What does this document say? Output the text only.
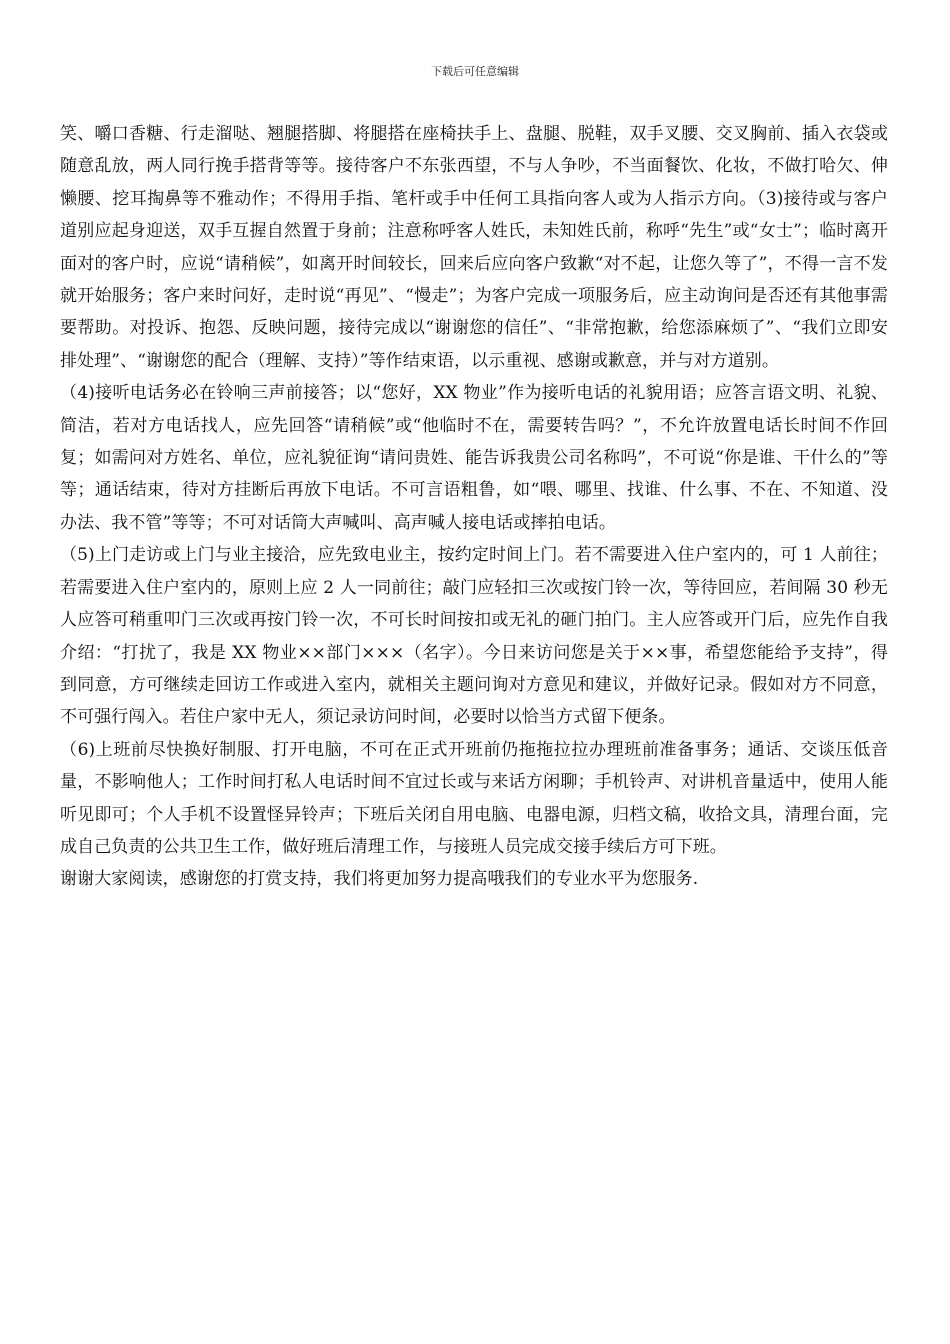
下载后可任意编辑

笑、嚼口香糖、行走溜哒、翘腿搭脚、将腿搭在座椅扶手上、盘腿、脱鞋，双手叉腰、交叉胸前、插入衣袋或随意乱放，两人同行挽手搭背等等。接待客户不东张西望，不与人争吵，不当面餐饮、化妆，不做打哈欠、伸懒腰、挖耳掏鼻等不雅动作；不得用手指、笔杆或手中任何工具指向客人或为人指示方向。（3)接待或与客户道别应起身迎送，双手互握自然置于身前；注意称呼客人姓氏，未知姓氏前，称呼“先生”或“女士”；临时离开面对的客户时，应说“请稍候”，如离开时间较长，回来后应向客户致歉“对不起，让您久等了”，不得一言不发就开始服务；客户来时问好，走时说“再见”、“慢走”；为客户完成一项服务后，应主动询问是否还有其他事需要帮助。对投诉、抱怨、反映问题，接待完成以“谢谢您的信任”、“非常抱歉，给您添麻烦了”、“我们立即安排处理”、“谢谢您的配合（理解、支持）”等作结束语，以示重视、感谢或歉意，并与对方道别。

（4)接听电话务必在铃响三声前接答；以“您好，XX 物业”作为接听电话的礼貌用语；应答言语文明、礼貌、简洁，若对方电话找人，应先回答“请稍候”或“他临时不在，需要转告吗？”，不允许放置电话长时间不作回复；如需问对方姓名、单位，应礼貌征询“请问贵姓、能告诉我贵公司名称吗”，不可说“你是谁、干什么的”等等；通话结束，待对方挂断后再放下电话。不可言语粗鲁，如“喂、哪里、找谁、什么事、不在、不知道、没办法、我不管”等等；不可对话筒大声喊叫、高声喊人接电话或摔拍电话。

（5)上门走访或上门与业主接洽，应先致电业主，按约定时间上门。若不需要进入住户室内的，可 1 人前往；若需要进入住户室内的，原则上应 2 人一同前往；敲门应轻扣三次或按门铃一次，等待回应，若间隔 30 秒无人应答可稍重叩门三次或再按门铃一次，不可长时间按扣或无礼的砸门拍门。主人应答或开门后，应先作自我介绍：“打扰了，我是 XX 物业××部门×××（名字）。今日来访问您是关于××事，希望您能给予支持”，得到同意，方可继续走回访工作或进入室内，就相关主题问询对方意见和建议，并做好记录。假如对方不同意，不可强行闯入。若住户家中无人，须记录访问时间，必要时以恰当方式留下便条。

（6)上班前尽快换好制服、打开电脑，不可在正式开班前仍拖拖拉拉办理班前准备事务；通话、交谈压低音量，不影响他人；工作时间打私人电话时间不宜过长或与来话方闲聊；手机铃声、对讲机音量适中，使用人能听见即可；个人手机不设置怪异铃声；下班后关闭自用电脑、电器电源，归档文稿，收拾文具，清理台面，完成自己负责的公共卫生工作，做好班后清理工作，与接班人员完成交接手续后方可下班。

谢谢大家阅读，感谢您的打赏支持，我们将更加努力提高哦我们的专业水平为您服务.
